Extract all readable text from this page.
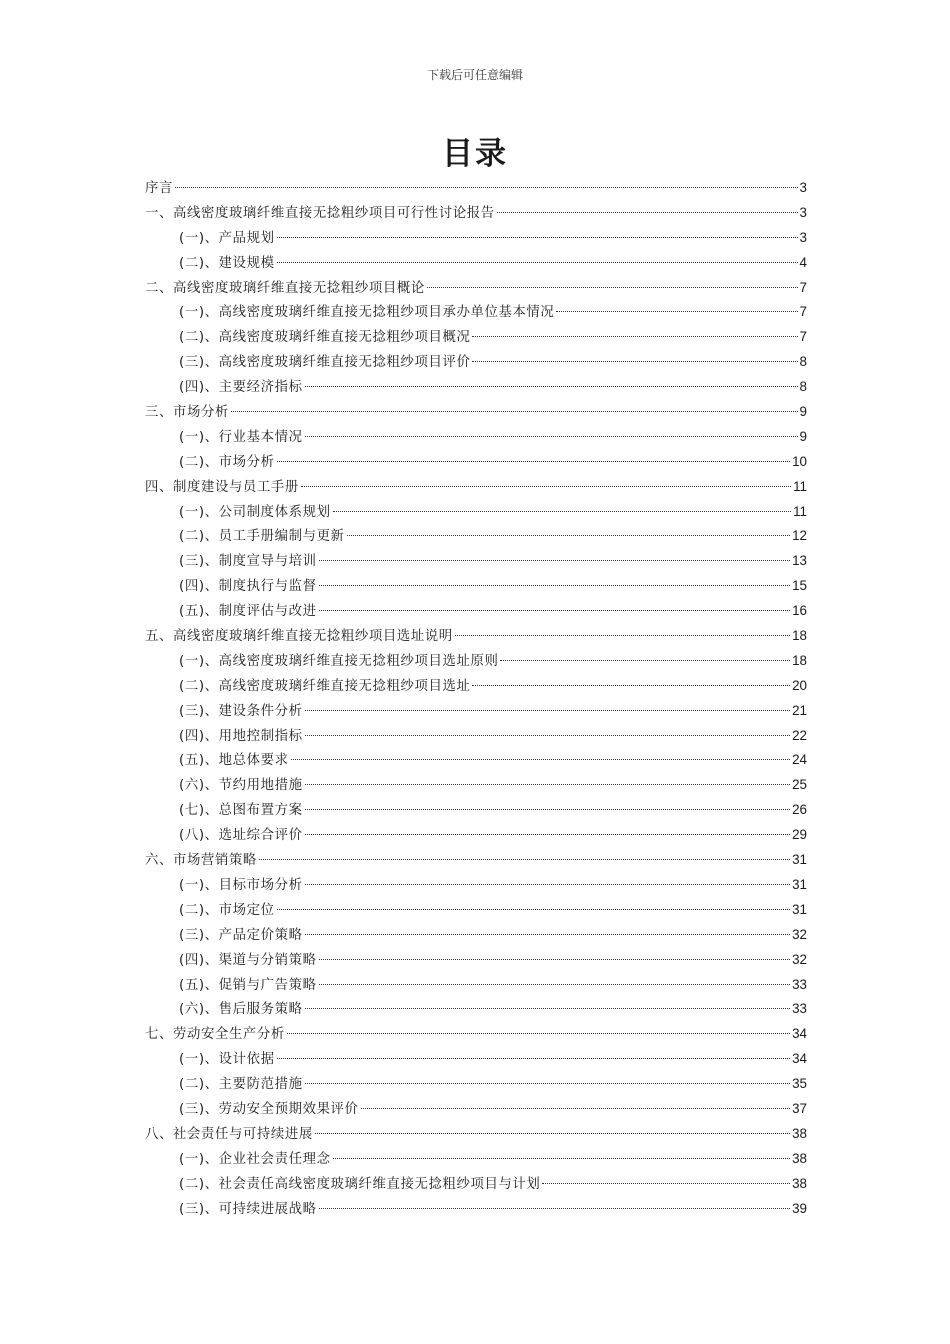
下载后可任意编辑
目录
序言	3
一、高线密度玻璃纤维直接无捻粗纱项目可行性讨论报告	3
(一)、产品规划	3
(二)、建设规模	4
二、高线密度玻璃纤维直接无捻粗纱项目概论	7
(一)、高线密度玻璃纤维直接无捻粗纱项目承办单位基本情况	7
(二)、高线密度玻璃纤维直接无捻粗纱项目概况	7
(三)、高线密度玻璃纤维直接无捻粗纱项目评价	8
(四)、主要经济指标	8
三、市场分析	9
(一)、行业基本情况	9
(二)、市场分析	10
四、制度建设与员工手册	11
(一)、公司制度体系规划	11
(二)、员工手册编制与更新	12
(三)、制度宣导与培训	13
(四)、制度执行与监督	15
(五)、制度评估与改进	16
五、高线密度玻璃纤维直接无捻粗纱项目选址说明	18
(一)、高线密度玻璃纤维直接无捻粗纱项目选址原则	18
(二)、高线密度玻璃纤维直接无捻粗纱项目选址	20
(三)、建设条件分析	21
(四)、用地控制指标	22
(五)、地总体要求	24
(六)、节约用地措施	25
(七)、总图布置方案	26
(八)、选址综合评价	29
六、市场营销策略	31
(一)、目标市场分析	31
(二)、市场定位	31
(三)、产品定价策略	32
(四)、渠道与分销策略	32
(五)、促销与广告策略	33
(六)、售后服务策略	33
七、劳动安全生产分析	34
(一)、设计依据	34
(二)、主要防范措施	35
(三)、劳动安全预期效果评价	37
八、社会责任与可持续进展	38
(一)、企业社会责任理念	38
(二)、社会责任高线密度玻璃纤维直接无捻粗纱项目与计划	38
(三)、可持续进展战略	39
